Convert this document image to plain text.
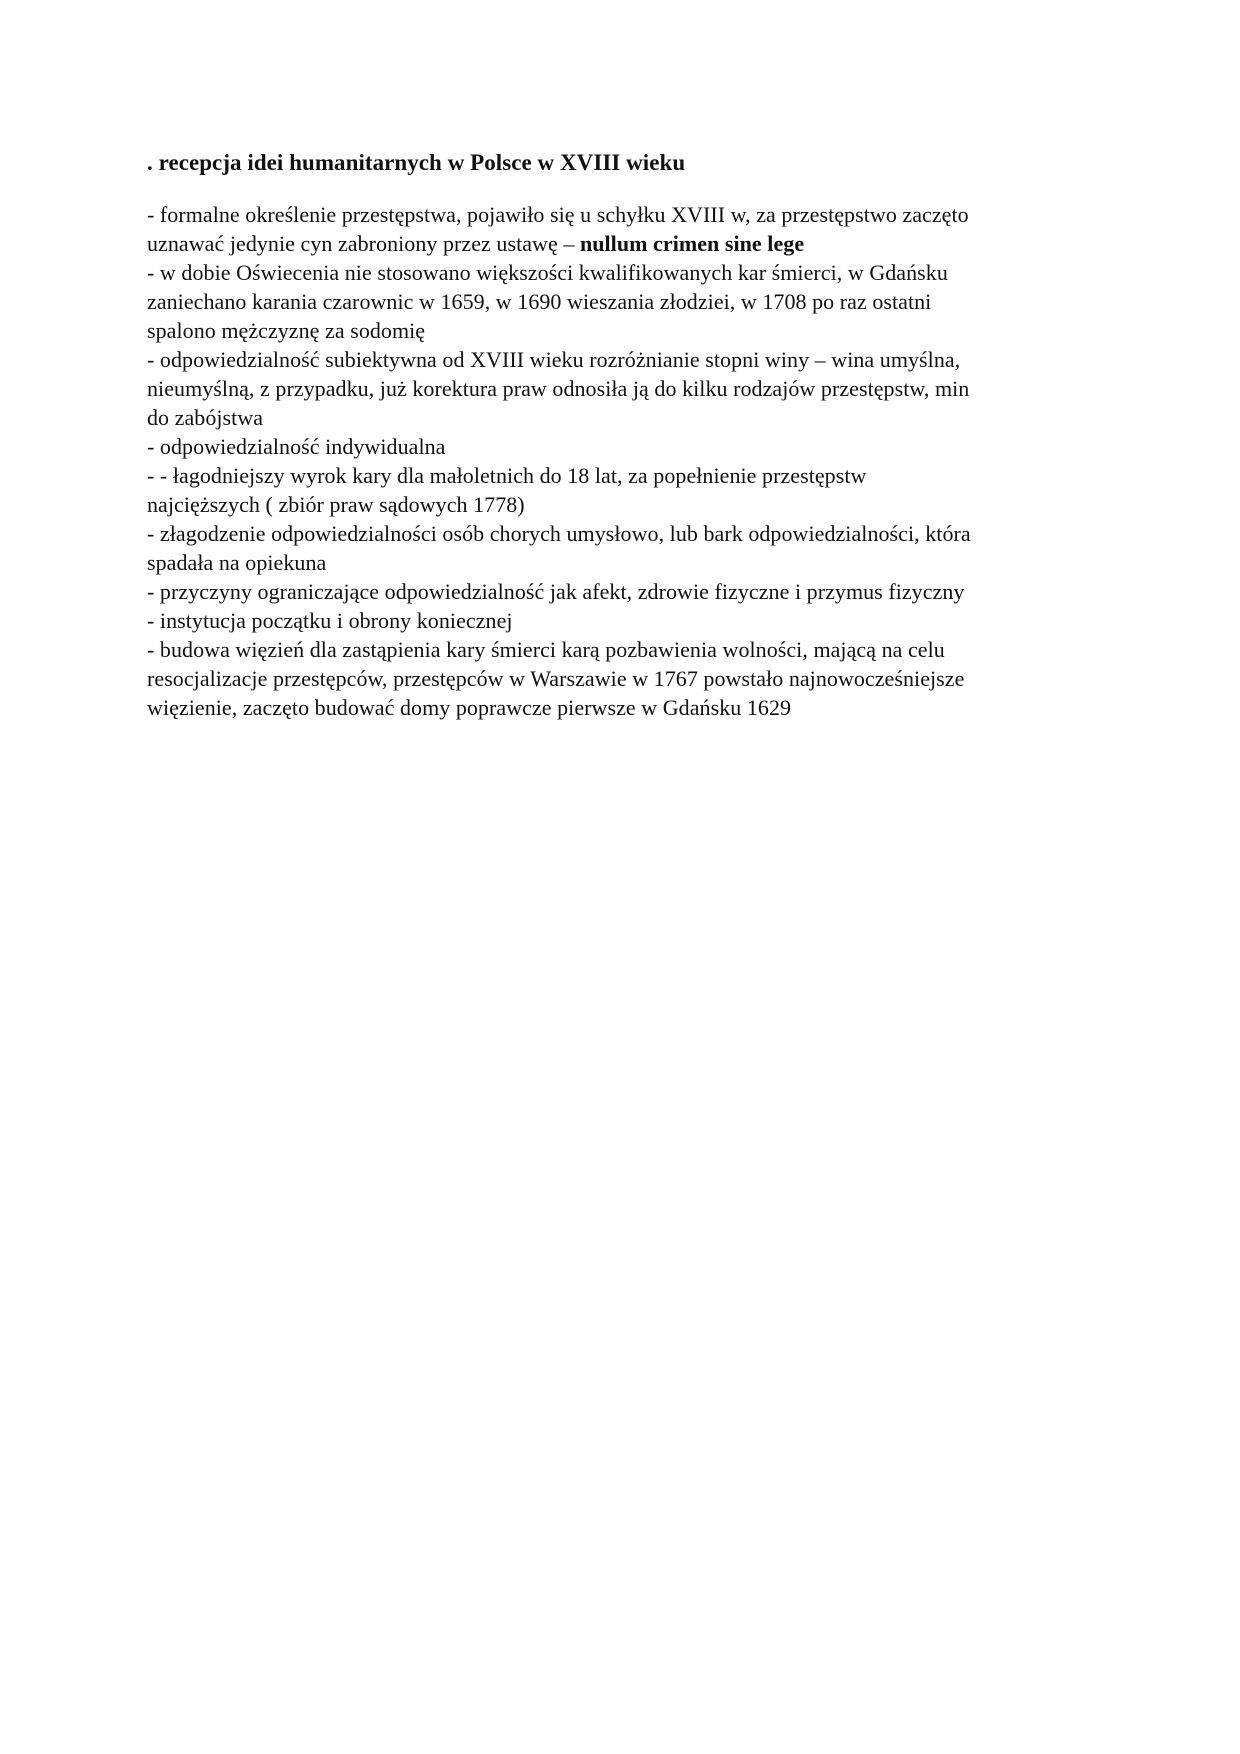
. recepcja idei humanitarnych w Polsce w XVIII wieku
- formalne określenie przestępstwa, pojawiło się u schyłku XVIII w, za przestępstwo zaczęto
uznawać jedynie cyn zabroniony przez ustawę – nullum crimen sine lege
- w dobie Oświecenia nie stosowano większości kwalifikowanych kar śmierci, w Gdańsku
zaniechano karania czarownic w 1659, w 1690 wieszania złodziei, w 1708 po raz ostatni
spalono mężczyznę za sodomię
- odpowiedzialność subiektywna od XVIII wieku rozróżnianie stopni winy – wina umyślna,
nieumyślną, z przypadku, już korektura praw odnosiła ją do kilku rodzajów przestępstw, min
do zabójstwa
- odpowiedzialność indywidualna
- - łagodniejszy wyrok kary dla małoletnich do 18 lat, za popełnienie przestępstw
najcięższych ( zbiór praw sądowych 1778)
- złagodzenie odpowiedzialności osób chorych umysłowo, lub bark odpowiedzialności, która
spadała na opiekuna
- przyczyny ograniczające odpowiedzialność jak afekt, zdrowie fizyczne i przymus fizyczny
- instytucja początku i obrony koniecznej
- budowa więzień dla zastąpienia kary śmierci karą pozbawienia wolności, mającą na celu
resocjalizacje przestępców, przestępców w Warszawie w 1767 powstało najnowocześniejsze
więzienie, zaczęto budować domy poprawcze pierwsze w Gdańsku 1629
